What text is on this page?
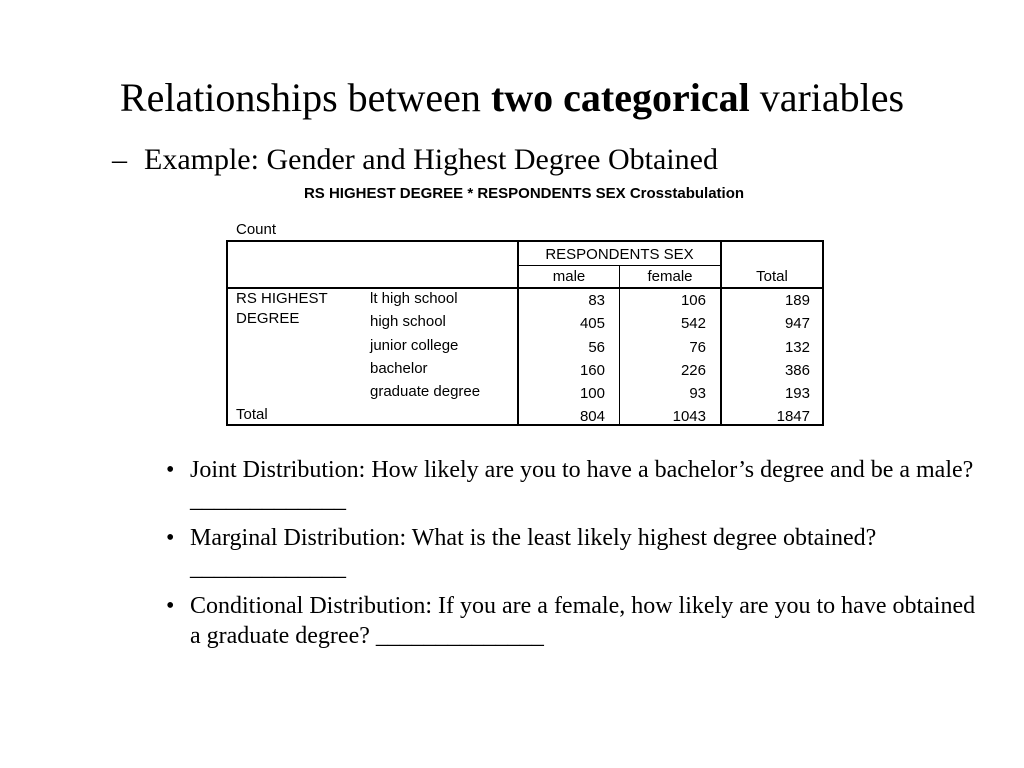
Relationships between two categorical variables
– Example: Gender and Highest Degree Obtained
RS HIGHEST DEGREE * RESPONDENTS SEX Crosstabulation
Count
RESPONDENTS SEX
male	female	Total
RS HIGHEST
DEGREE
lt high school	83	106	189
high school	405	542	947
junior college	56	76	132
bachelor	160	226	386
graduate degree	100	93	193
Total	804	1043	1847
• Joint Distribution: How likely are you to have a bachelor’s degree and be a male? _____________
• Marginal Distribution: What is the least likely highest degree obtained? _____________
• Conditional Distribution: If you are a female, how likely are you to have obtained a graduate degree? ______________
